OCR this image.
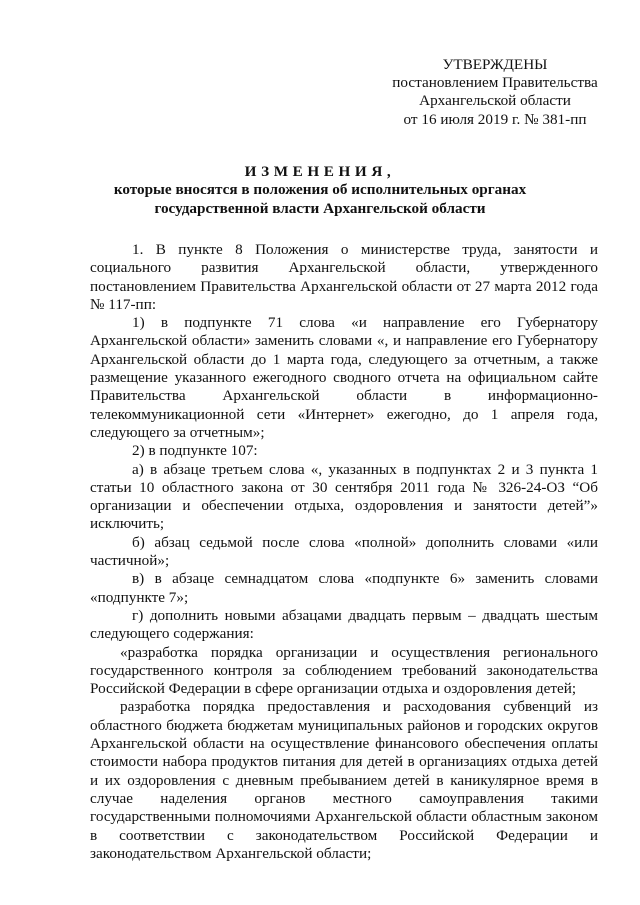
УТВЕРЖДЕНЫ
постановлением Правительства
Архангельской области
от 16 июля 2019 г. № 381-пп
ИЗМЕНЕНИЯ,
которые вносятся в положения об исполнительных органах
государственной власти Архангельской области

1. В пункте 8 Положения о министерстве труда, занятости и социального развития Архангельской области, утвержденного постановлением Правительства Архангельской области от 27 марта 2012 года № 117-пп:

1) в подпункте 71 слова «и направление его Губернатору Архангельской области» заменить словами «, и направление его Губернатору Архангельской области до 1 марта года, следующего за отчетным, а также размещение указанного ежегодного сводного отчета на официальном сайте Правительства Архангельской области в информационно-телекоммуникационной сети «Интернет» ежегодно, до 1 апреля года, следующего за отчетным»;

2) в подпункте 107:

а) в абзаце третьем слова «, указанных в подпунктах 2 и 3 пункта 1 статьи 10 областного закона от 30 сентября 2011 года № 326-24-ОЗ “Об организации и обеспечении отдыха, оздоровления и занятости детей”» исключить;

б) абзац седьмой после слова «полной» дополнить словами «или частичной»;

в) в абзаце семнадцатом слова «подпункте 6» заменить словами «подпункте 7»;

г) дополнить новыми абзацами двадцать первым – двадцать шестым следующего содержания:

«разработка порядка организации и осуществления регионального государственного контроля за соблюдением требований законодательства Российской Федерации в сфере организации отдыха и оздоровления детей;

разработка порядка предоставления и расходования субвенций из областного бюджета бюджетам муниципальных районов и городских округов Архангельской области на осуществление финансового обеспечения оплаты стоимости набора продуктов питания для детей в организациях отдыха детей и их оздоровления с дневным пребыванием детей в каникулярное время в случае наделения органов местного самоуправления такими государственными полномочиями Архангельской области областным законом в соответствии с законодательством Российской Федерации и законодательством Архангельской области;
